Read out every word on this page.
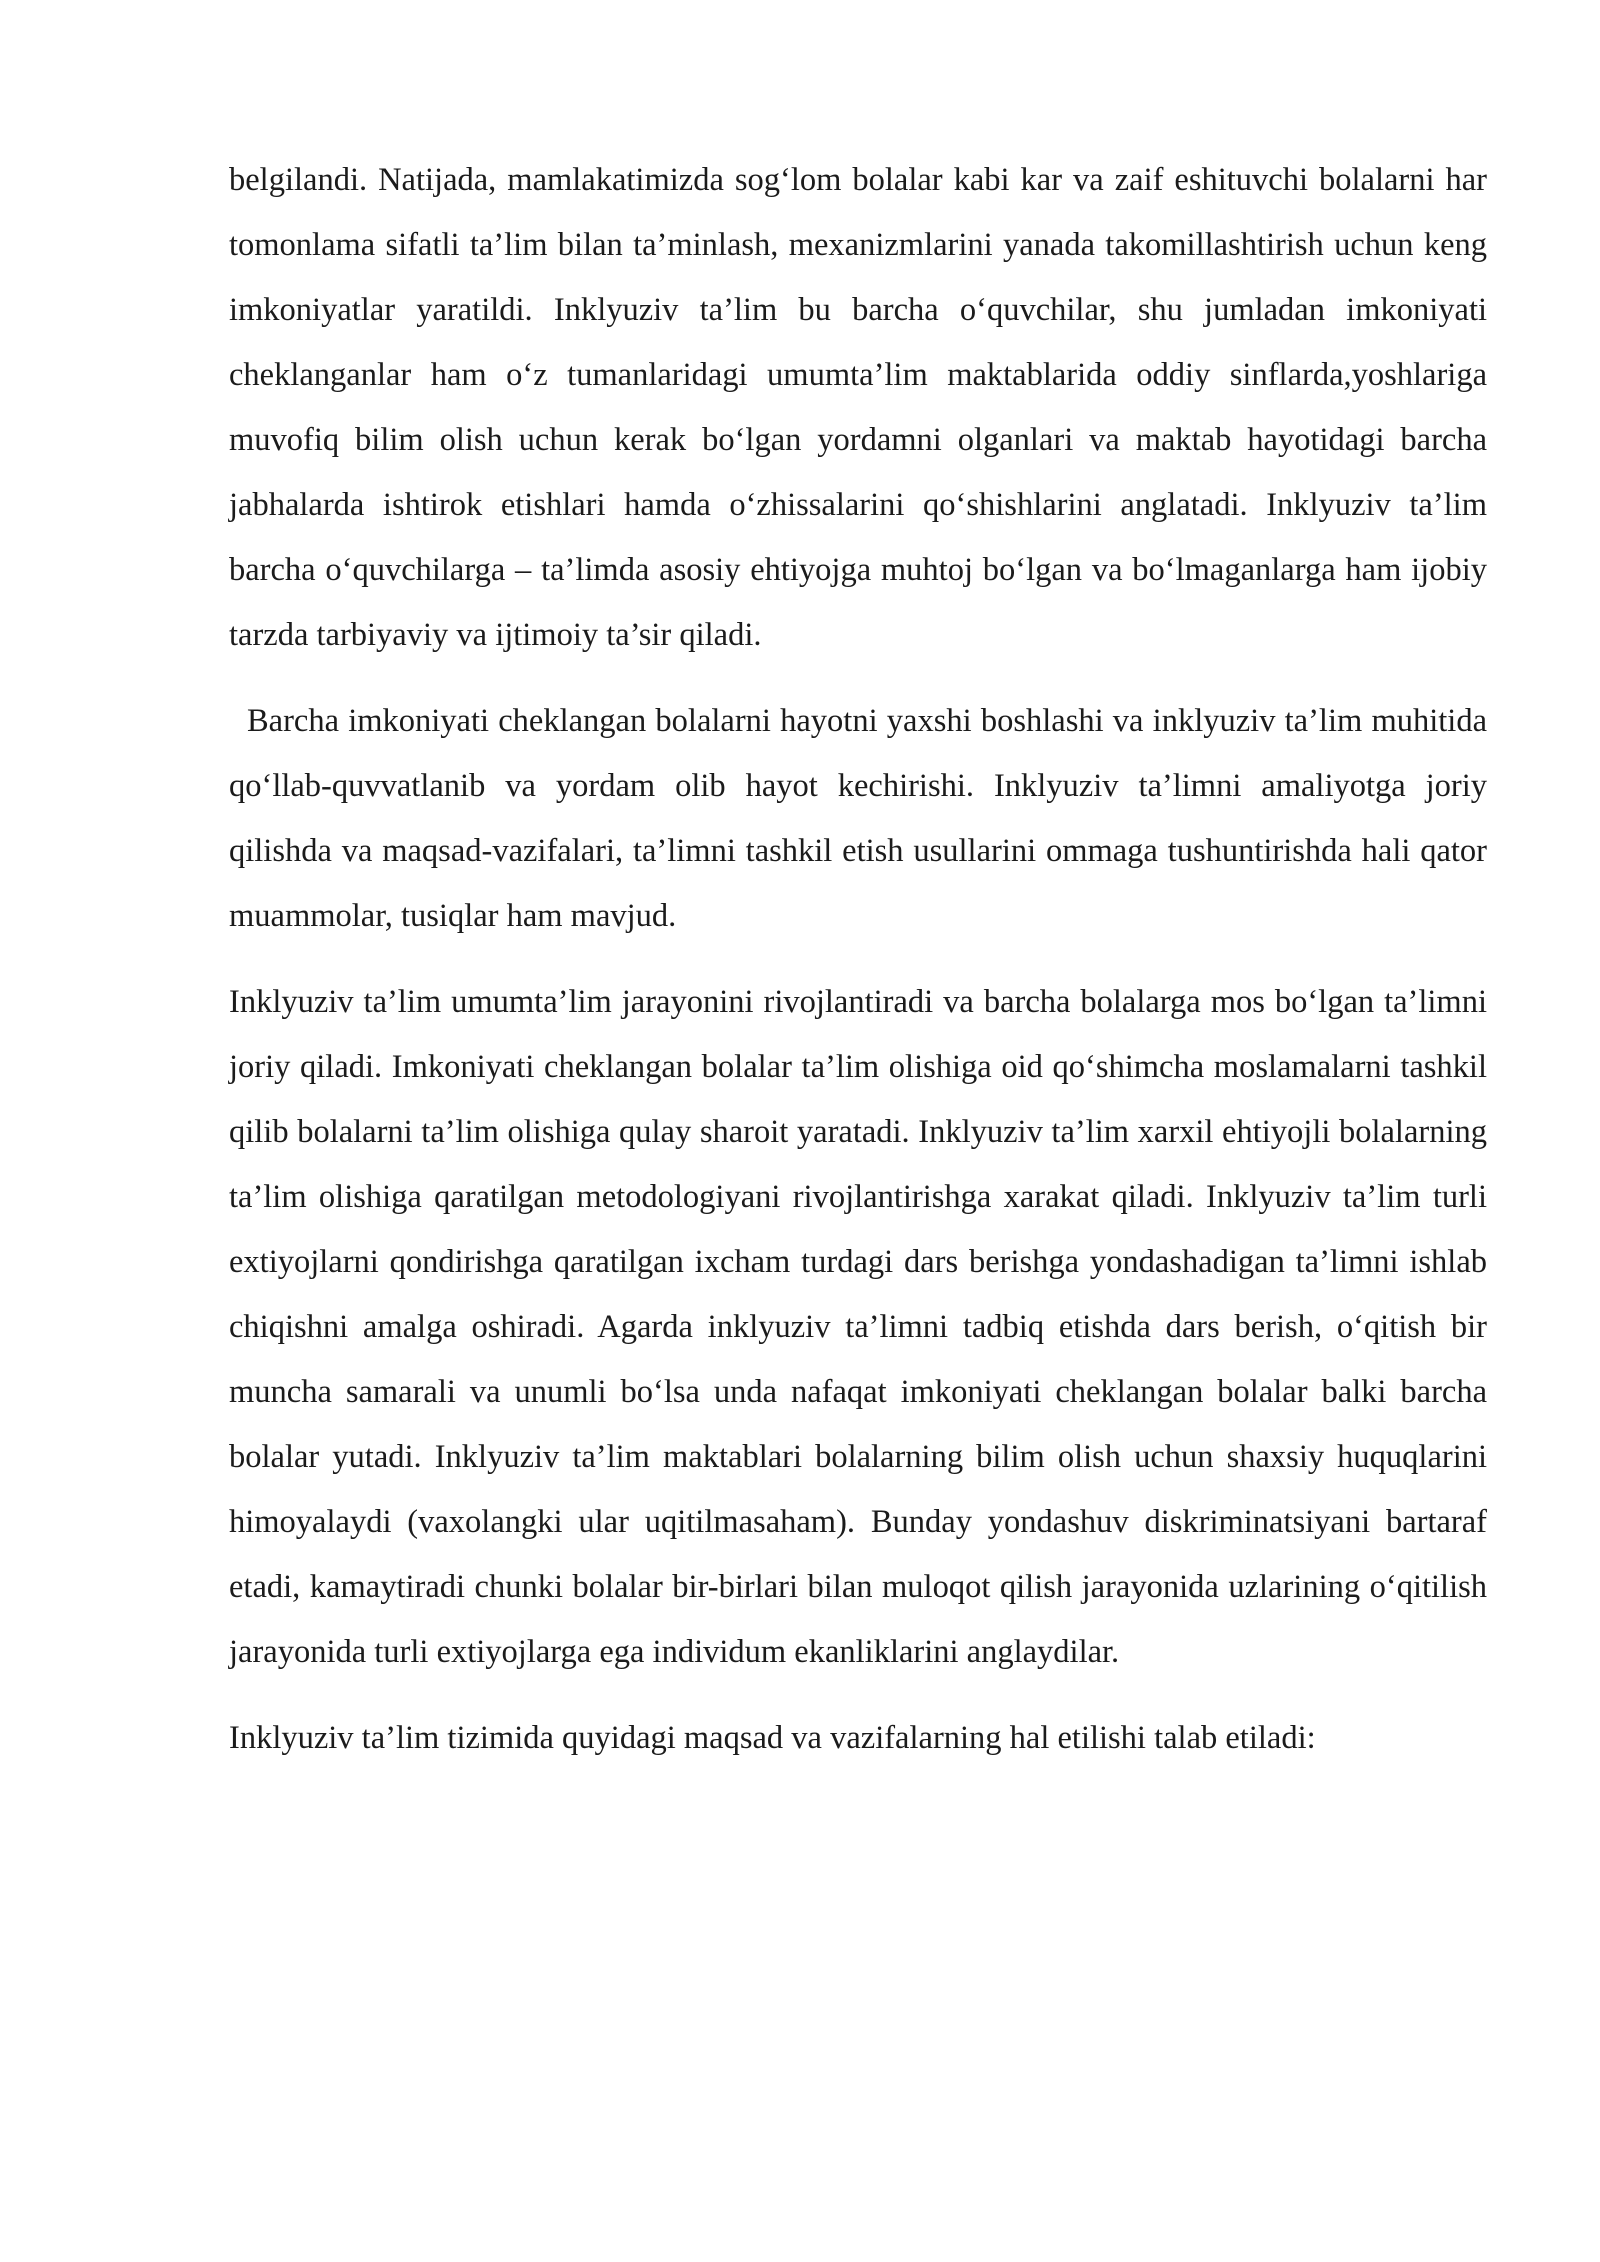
belgilandi. Natijada, mamlakatimizda sog‘lom bolalar kabi kar va zaif eshituvchi bolalarni har tomonlama sifatli ta’lim bilan ta’minlash, mexanizmlarini yanada takomillashtirish uchun keng imkoniyatlar yaratildi. Inklyuziv ta’lim bu barcha o‘quvchilar, shu jumladan imkoniyati cheklanganlar ham o‘z tumanlaridagi umumta’lim maktablarida oddiy sinflarda,yoshlariga muvofiq bilim olish uchun kerak bo‘lgan yordamni olganlari va maktab hayotidagi barcha jabhalarda ishtirok etishlari hamda o‘zhissalarini qo‘shishlarini anglatadi. Inklyuziv ta’lim barcha o‘quvchilarga – ta’limda asosiy ehtiyojga muhtoj bo‘lgan va bo‘lmaganlarga ham ijobiy tarzda tarbiyaviy va ijtimoiy ta’sir qiladi.

Barcha imkoniyati cheklangan bolalarni hayotni yaxshi boshlashi va inklyuziv ta’lim muhitida qo‘llab-quvvatlanib va yordam olib hayot kechirishi. Inklyuziv ta’limni amaliyotga joriy qilishda va maqsad-vazifalari, ta’limni tashkil etish usullarini ommaga tushuntirishda hali qator muammolar, tusiqlar ham mavjud.

Inklyuziv ta’lim umumta’lim jarayonini rivojlantiradi va barcha bolalarga mos bo‘lgan ta’limni joriy qiladi. Imkoniyati cheklangan bolalar ta’lim olishiga oid qo‘shimcha moslamalarni tashkil qilib bolalarni ta’lim olishiga qulay sharoit yaratadi. Inklyuziv ta’lim xarxil ehtiyojli bolalarning ta’lim olishiga qaratilgan metodologiyani rivojlantirishga xarakat qiladi. Inklyuziv ta’lim turli extiyojlarni qondirishga qaratilgan ixcham turdagi dars berishga yondashadigan ta’limni ishlab chiqishni amalga oshiradi. Agarda inklyuziv ta’limni tadbiq etishda dars berish, o‘qitish bir muncha samarali va unumli bo‘lsa unda nafaqat imkoniyati cheklangan bolalar balki barcha bolalar yutadi. Inklyuziv ta’lim maktablari bolalarning bilim olish uchun shaxsiy huquqlarini himoyalaydi (vaxolangki ular uqitilmasaham). Bunday yondashuv diskriminatsiyani bartaraf etadi, kamaytiradi chunki bolalar bir-birlari bilan muloqot qilish jarayonida uzlarining o‘qitilish jarayonida turli extiyojlarga ega individum ekanliklarini anglaydilar.

Inklyuziv ta’lim tizimida quyidagi maqsad va vazifalarning hal etilishi talab etiladi:
